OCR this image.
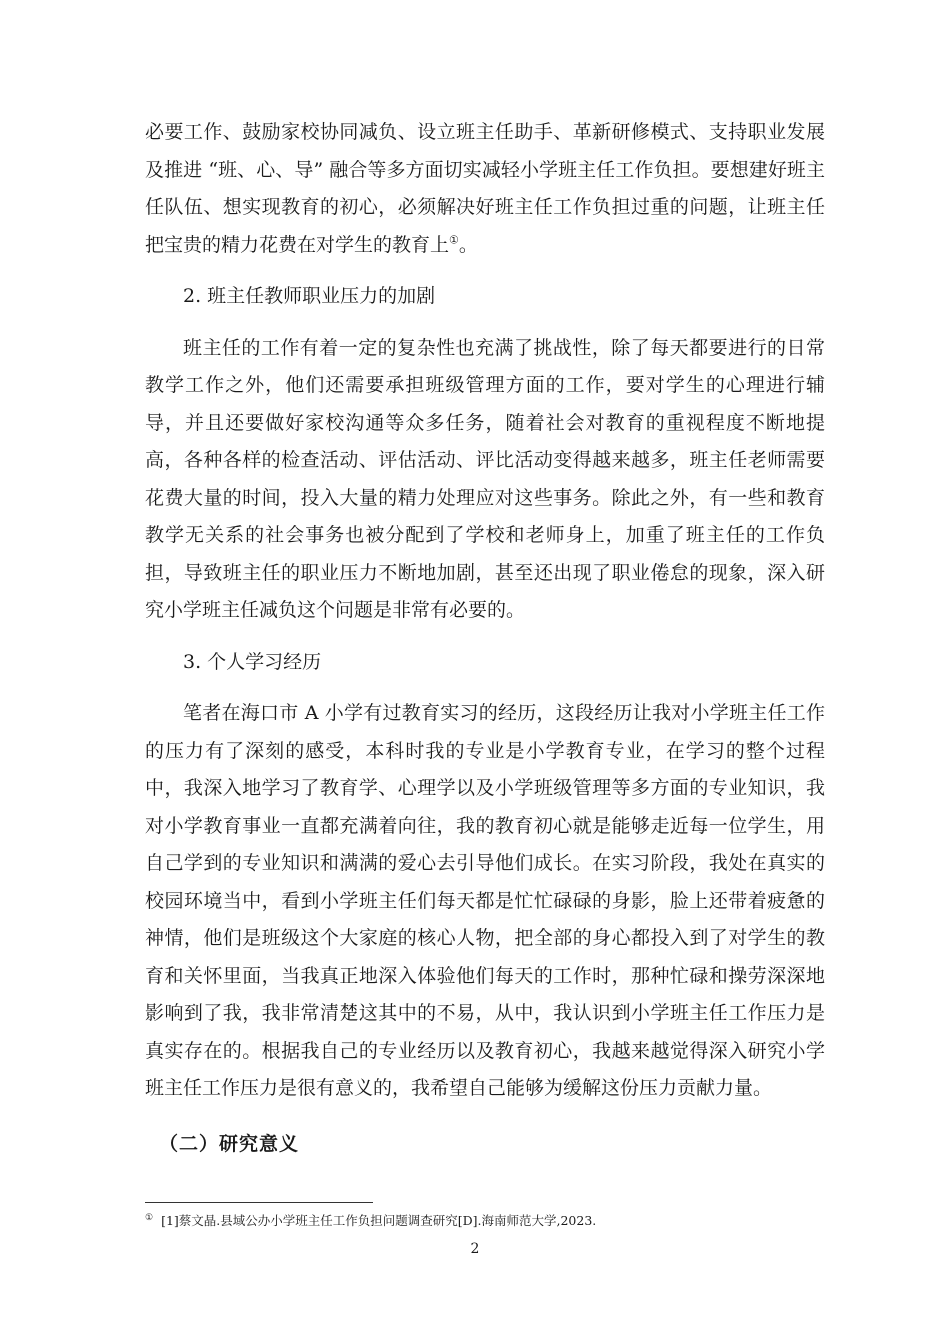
必要工作、鼓励家校协同减负、设立班主任助手、革新研修模式、支持职业发展及推进 “班、心、导” 融合等多方面切实减轻小学班主任工作负担。要想建好班主任队伍、想实现教育的初心，必须解决好班主任工作负担过重的问题，让班主任把宝贵的精力花费在对学生的教育上①。

2. 班主任教师职业压力的加剧

班主任的工作有着一定的复杂性也充满了挑战性，除了每天都要进行的日常教学工作之外，他们还需要承担班级管理方面的工作，要对学生的心理进行辅导，并且还要做好家校沟通等众多任务，随着社会对教育的重视程度不断地提高，各种各样的检查活动、评估活动、评比活动变得越来越多，班主任老师需要花费大量的时间，投入大量的精力处理应对这些事务。除此之外，有一些和教育教学无关系的社会事务也被分配到了学校和老师身上，加重了班主任的工作负担，导致班主任的职业压力不断地加剧，甚至还出现了职业倦怠的现象，深入研究小学班主任减负这个问题是非常有必要的。

3. 个人学习经历

笔者在海口市 A 小学有过教育实习的经历，这段经历让我对小学班主任工作的压力有了深刻的感受，本科时我的专业是小学教育专业，在学习的整个过程中，我深入地学习了教育学、心理学以及小学班级管理等多方面的专业知识，我对小学教育事业一直都充满着向往，我的教育初心就是能够走近每一位学生，用自己学到的专业知识和满满的爱心去引导他们成长。在实习阶段，我处在真实的校园环境当中，看到小学班主任们每天都是忙忙碌碌的身影，脸上还带着疲惫的神情，他们是班级这个大家庭的核心人物，把全部的身心都投入到了对学生的教育和关怀里面，当我真正地深入体验他们每天的工作时，那种忙碌和操劳深深地影响到了我，我非常清楚这其中的不易，从中，我认识到小学班主任工作压力是真实存在的。根据我自己的专业经历以及教育初心，我越来越觉得深入研究小学班主任工作压力是很有意义的，我希望自己能够为缓解这份压力贡献力量。

（二）研究意义

① [1]蔡文晶.县域公办小学班主任工作负担问题调查研究[D].海南师范大学,2023.
2
